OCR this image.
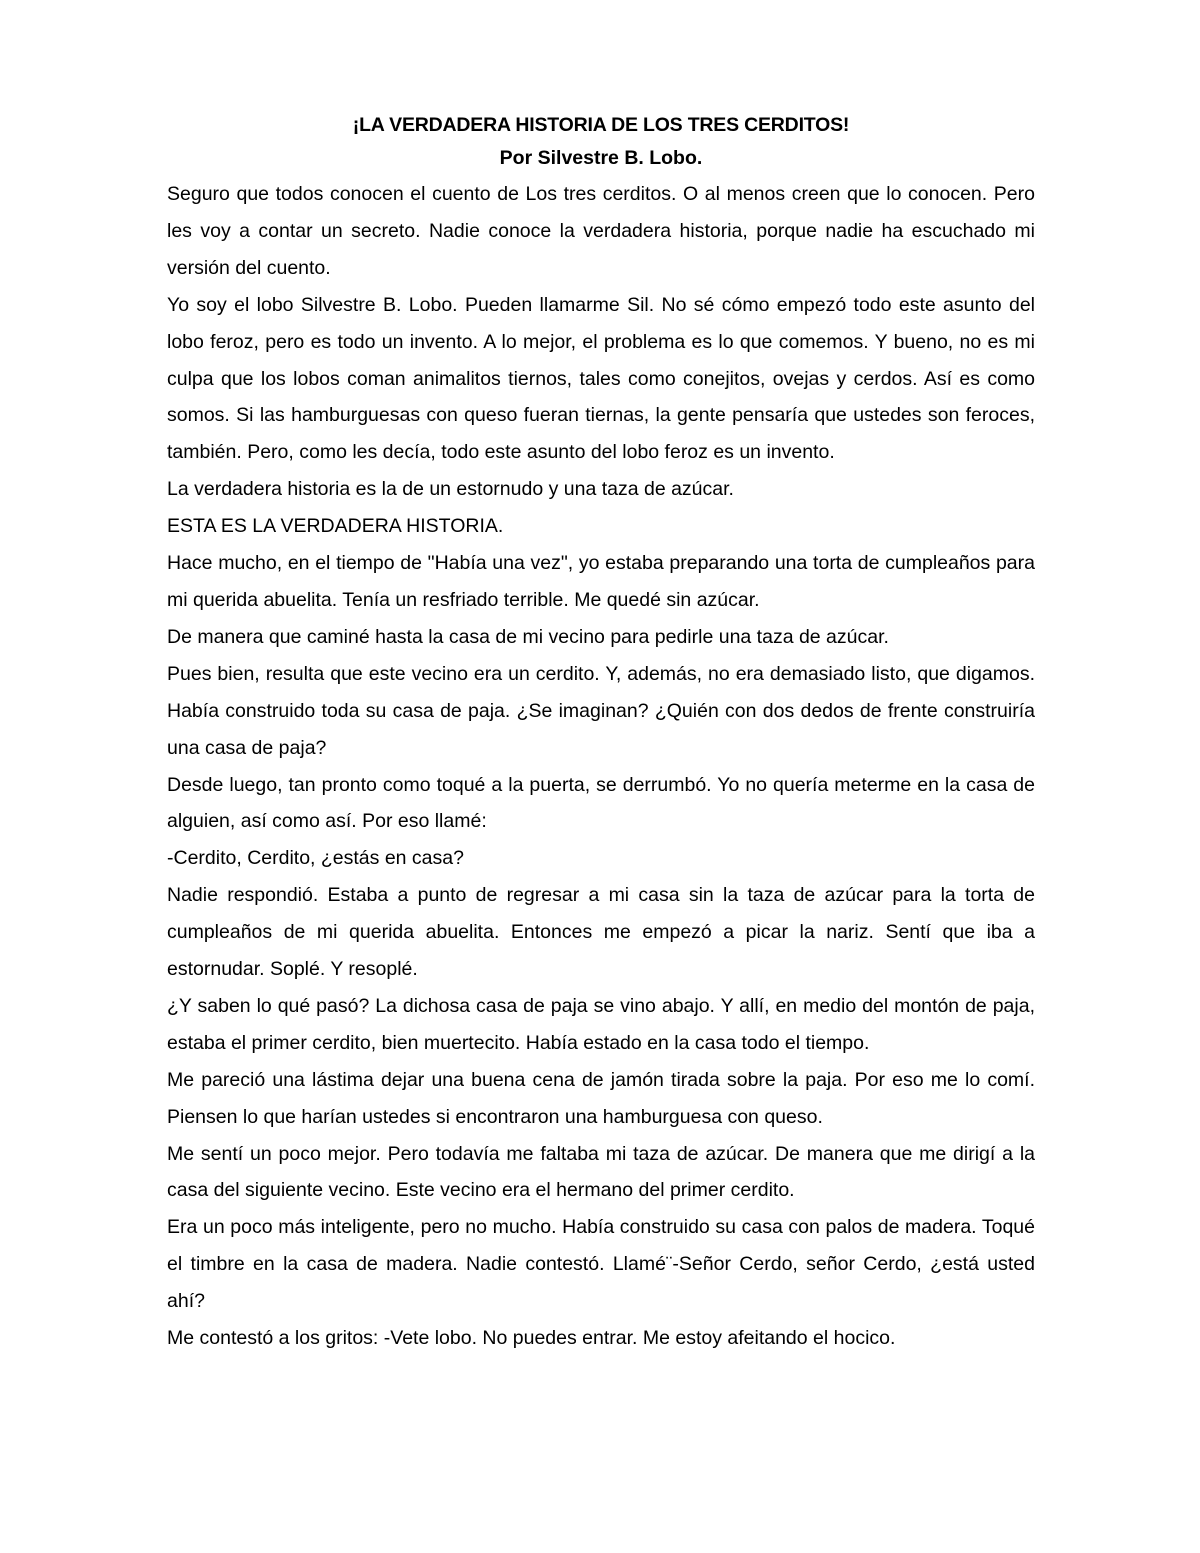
¡LA VERDADERA HISTORIA DE LOS TRES CERDITOS!

Por Silvestre B. Lobo.

Seguro que todos conocen el cuento de Los tres cerditos. O al menos creen que lo conocen. Pero les voy a contar un secreto. Nadie conoce la verdadera historia, porque nadie ha escuchado mi versión del cuento.

Yo soy el lobo Silvestre B. Lobo. Pueden llamarme Sil. No sé cómo empezó todo este asunto del lobo feroz, pero es todo un invento. A lo mejor, el problema es lo que comemos. Y bueno, no es mi culpa que los lobos coman animalitos tiernos, tales como conejitos, ovejas y cerdos. Así es como somos. Si las hamburguesas con queso fueran tiernas, la gente pensaría que ustedes son feroces, también. Pero, como les decía, todo este asunto del lobo feroz es un invento.

La verdadera historia es la de un estornudo y una taza de azúcar.

ESTA ES LA VERDADERA HISTORIA.

Hace mucho, en el tiempo de "Había una vez", yo estaba preparando una torta de cumpleaños para mi querida abuelita. Tenía un resfriado terrible. Me quedé sin azúcar.

De manera que caminé hasta la casa de mi vecino para pedirle una taza de azúcar.

Pues bien, resulta que este vecino era un cerdito. Y, además, no era demasiado listo, que digamos. Había construido toda su casa de paja. ¿Se imaginan? ¿Quién con dos dedos de frente construiría una casa de paja?

Desde luego, tan pronto como toqué a la puerta, se derrumbó. Yo no quería meterme en la casa de alguien, así como así. Por eso llamé:

-Cerdito, Cerdito, ¿estás en casa?

Nadie respondió. Estaba a punto de regresar a mi casa sin la taza de azúcar para la torta de cumpleaños de mi querida abuelita. Entonces me empezó a picar la nariz. Sentí que iba a estornudar. Soplé. Y resoplé.

¿Y saben lo qué pasó? La dichosa casa de paja se vino abajo. Y allí, en medio del montón de paja, estaba el primer cerdito, bien muertecito. Había estado en la casa todo el tiempo.

Me pareció una lástima dejar una buena cena de jamón tirada sobre la paja. Por eso me lo comí. Piensen lo que harían ustedes si encontraron una hamburguesa con queso.

Me sentí un poco mejor. Pero todavía me faltaba mi taza de azúcar. De manera que me dirigí a la casa del siguiente vecino. Este vecino era el hermano del primer cerdito.

Era un poco más inteligente, pero no mucho. Había construido su casa con palos de madera. Toqué el timbre en la casa de madera. Nadie contestó. Llamé¨-Señor Cerdo, señor Cerdo, ¿está usted ahí?

Me contestó a los gritos: -Vete lobo. No puedes entrar. Me estoy afeitando el hocico.
